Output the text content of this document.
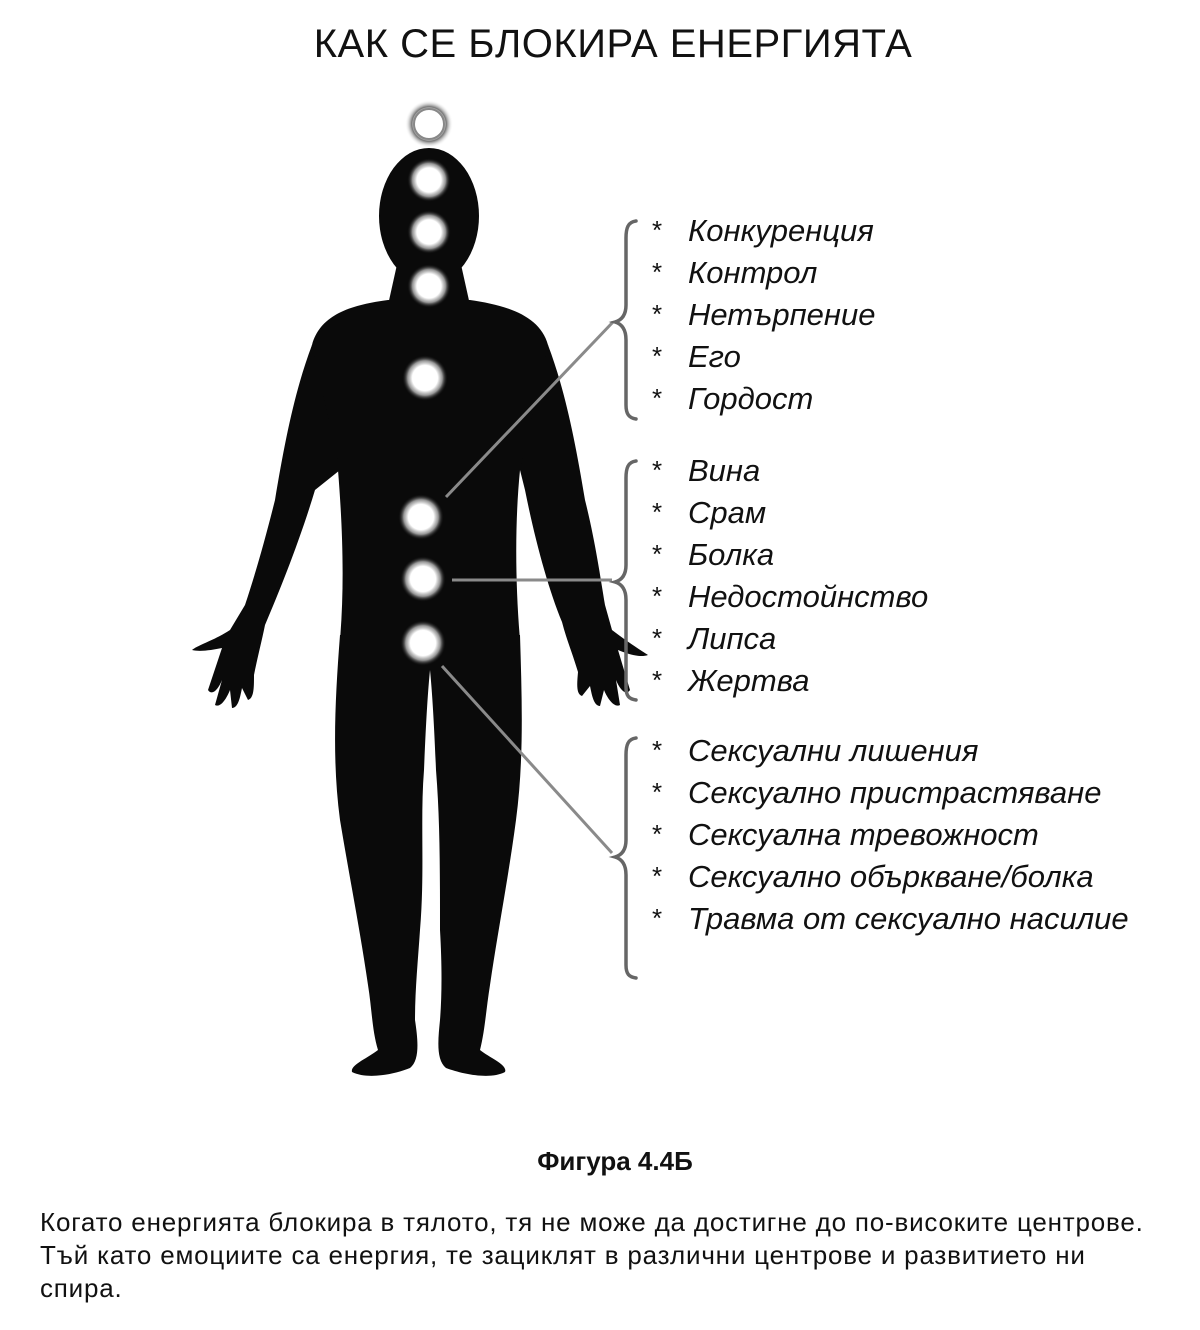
КАК СЕ БЛОКИРА ЕНЕРГИЯТА
* Конкуренция
* Контрол
* Нетърпение
* Его
* Гордост
* Вина
* Срам
* Болка
* Недостойнство
* Липса
* Жертва
* Сексуални лишения
* Сексуално пристрастяване
* Сексуална тревожност
* Сексуално объркване/болка
* Травма от сексуално насилие
Фигура 4.4Б
Когато енергията блокира в тялото, тя не може да достигне до по-високите центрове. Тъй като емоциите са енергия, те зациклят в различни центрове и развитието ни спира.
